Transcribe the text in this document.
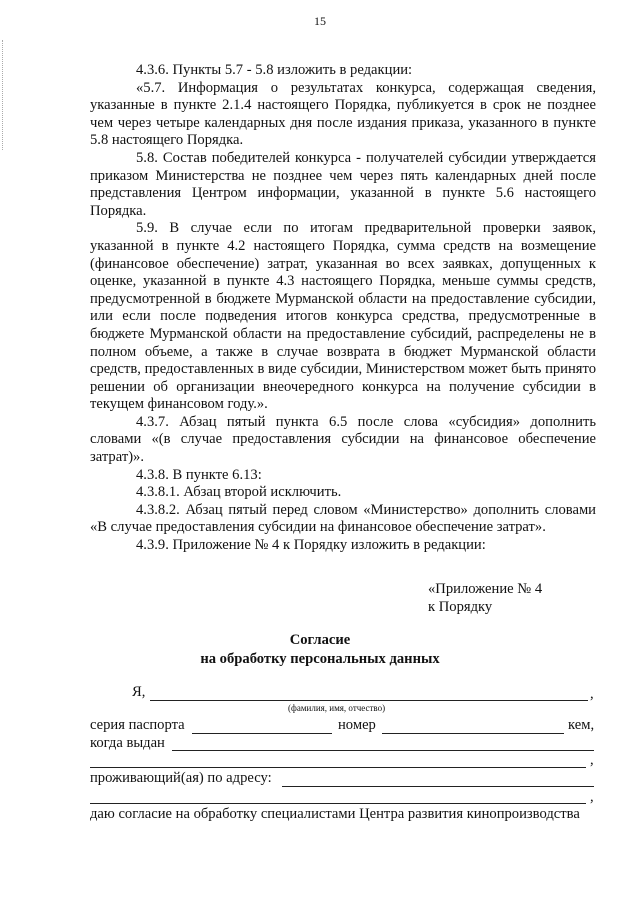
15

4.3.6. Пункты 5.7 - 5.8 изложить в редакции:

«5.7. Информация о результатах конкурса, содержащая сведения, указанные в пункте 2.1.4 настоящего Порядка, публикуется в срок не позднее чем через четыре календарных дня после издания приказа, указанного в пункте 5.8 настоящего Порядка.

5.8. Состав победителей конкурса - получателей субсидии утверждается приказом Министерства не позднее чем через пять календарных дней после представления Центром информации, указанной в пункте 5.6 настоящего Порядка.

5.9. В случае если по итогам предварительной проверки заявок, указанной в пункте 4.2 настоящего Порядка, сумма средств на возмещение (финансовое обеспечение) затрат, указанная во всех заявках, допущенных к оценке, указанной в пункте 4.3 настоящего Порядка, меньше суммы средств, предусмотренной в бюджете Мурманской области на предоставление субсидии, или если после подведения итогов конкурса средства, предусмотренные в бюджете Мурманской области на предоставление субсидий, распределены не в полном объеме, а также в случае возврата в бюджет Мурманской области средств, предоставленных в виде субсидии, Министерством может быть принято решении об организации внеочередного конкурса на получение субсидии в текущем финансовом году.».

4.3.7. Абзац пятый пункта 6.5 после слова «субсидия» дополнить словами «(в случае предоставления субсидии на финансовое обеспечение затрат)».

4.3.8. В пункте 6.13:

4.3.8.1. Абзац второй исключить.

4.3.8.2. Абзац пятый перед словом «Министерство» дополнить словами «В случае предоставления субсидии на финансовое обеспечение затрат».

4.3.9. Приложение № 4 к Порядку изложить в редакции:

«Приложение № 4
к Порядку
Согласие
на обработку персональных данных
Я,	,
(фамилия, имя, отчество)
серия паспорта	номер	кем,
когда выдан
,
проживающий(ая) по адресу:
,
даю согласие на обработку специалистами Центра развития кинопроизводства
